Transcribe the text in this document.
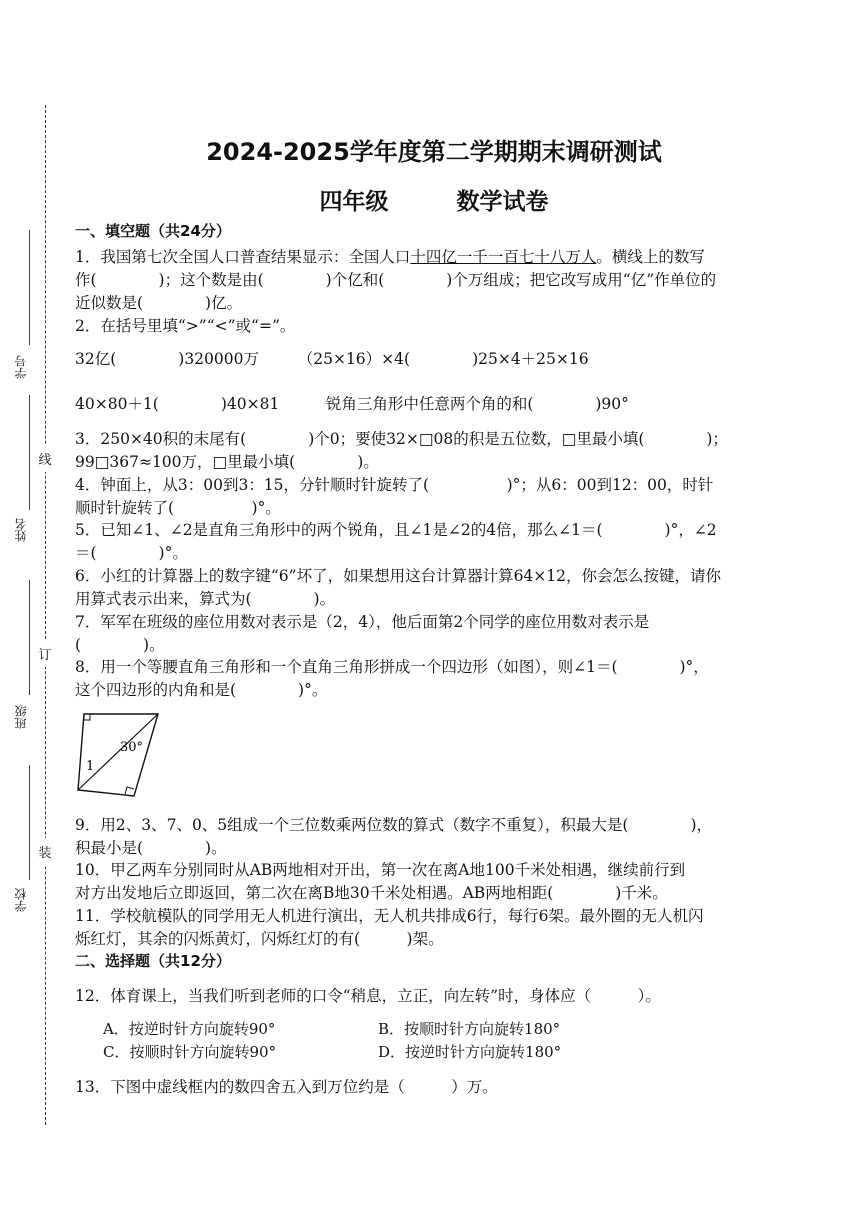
线
订
装
学号
姓名
班级
学校
2024-2025学年度第二学期期末调研测试
四年级	数学试卷
一、填空题（共24分）
1．我国第七次全国人口普查结果显示：全国人口十四亿一千一百七十八万人。横线上的数写
作(　　　　)；这个数是由(　　　　)个亿和(　　　　)个万组成；把它改写成用“亿”作单位的
近似数是(　　　　)亿。
2．在括号里填“>”“<”或“=”。
32亿(　　　　)320000万　　　（25×16）×4(　　　　)25×4＋25×16
40×80＋1(　　　　)40×81　　　锐角三角形中任意两个角的和(　　　　)90°
3．250×40积的末尾有(　　　　)个0；要使32×□08的积是五位数，□里最小填(　　　　)；
99□367≈100万，□里最小填(　　　　)。
4．钟面上，从3：00到3：15，分针顺时针旋转了(　　　　　)°；从6：00到12：00，时针
顺时针旋转了(　　　　　)°。
5．已知∠1、∠2是直角三角形中的两个锐角，且∠1是∠2的4倍，那么∠1＝(　　　　)°，∠2
＝(　　　　)°。
6．小红的计算器上的数字键“6”坏了，如果想用这台计算器计算64×12，你会怎么按键，请你
用算式表示出来，算式为(　　　　)。
7．军军在班级的座位用数对表示是（2，4），他后面第2个同学的座位用数对表示是
(　　　　)。
8．用一个等腰直角三角形和一个直角三角形拼成一个四边形（如图），则∠1＝(　　　　)°，
这个四边形的内角和是(　　　　)°。
30°
1
9．用2、3、7、0、5组成一个三位数乘两位数的算式（数字不重复），积最大是(　　　　)，
积最小是(　　　　)。
10．甲乙两车分别同时从AB两地相对开出，第一次在离A地100千米处相遇，继续前行到
对方出发地后立即返回，第二次在离B地30千米处相遇。AB两地相距(　　　　)千米。
11．学校航模队的同学用无人机进行演出，无人机共排成6行，每行6架。最外圈的无人机闪
烁红灯，其余的闪烁黄灯，闪烁红灯的有(　　　)架。
二、选择题（共12分）
12．体育课上，当我们听到老师的口令“稍息，立正，向左转”时，身体应（　　　）。
A．按逆时针方向旋转90°	B．按顺时针方向旋转180°
C．按顺时针方向旋转90°	D．按逆时针方向旋转180°
13．下图中虚线框内的数四舍五入到万位约是（　　　）万。
